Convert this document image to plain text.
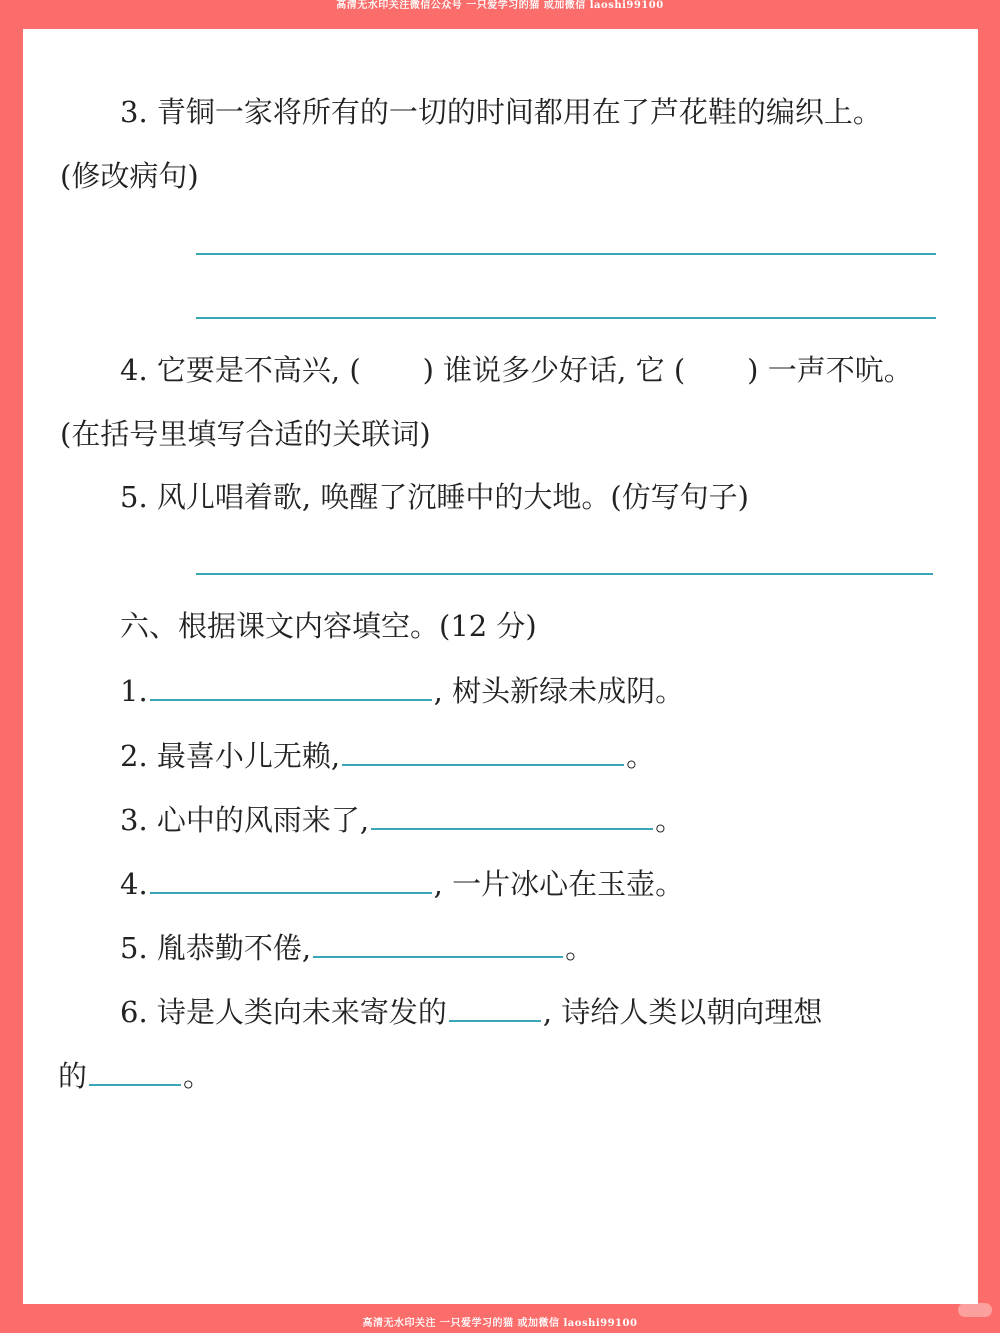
高清无水印关注微信公众号 一只爱学习的猫 或加微信 laoshi99100
3. 青铜一家将所有的一切的时间都用在了芦花鞋的编织上。
(修改病句)
4. 它要是不高兴, ( ) 谁说多少好话, 它 ( ) 一声不吭。
(在括号里填写合适的关联词)
5. 风儿唱着歌, 唤醒了沉睡中的大地。(仿写句子)
六、根据课文内容填空。(12 分)
1.	, 树头新绿未成阴。
2. 最喜小儿无赖,	。
3. 心中的风雨来了,	。
4.	, 一片冰心在玉壶。
5. 胤恭勤不倦,	。
6. 诗是人类向未来寄发的	, 诗给人类以朝向理想
的	。
高清无水印关注 一只爱学习的猫 或加微信 laoshi99100
